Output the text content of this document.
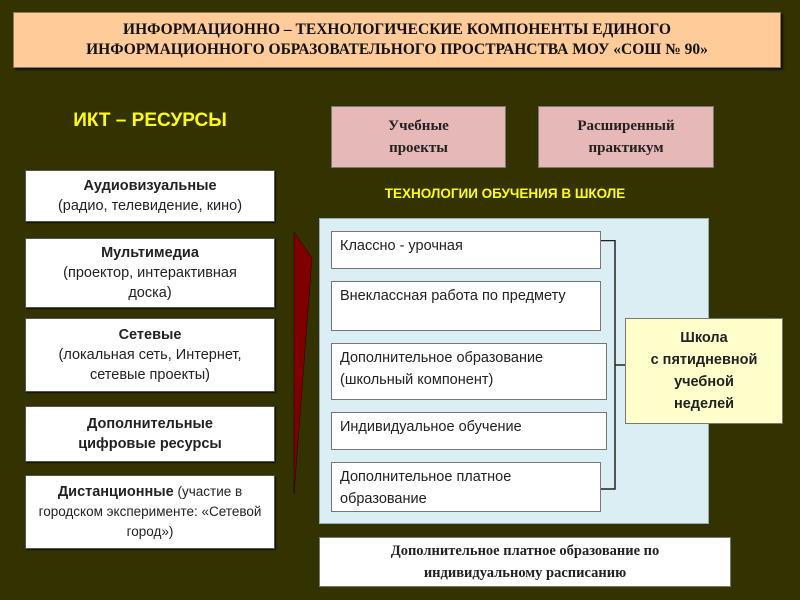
ИНФОРМАЦИОННО – ТЕХНОЛОГИЧЕСКИЕ КОМПОНЕНТЫ ЕДИНОГО
ИНФОРМАЦИОННОГО ОБРАЗОВАТЕЛЬНОГО ПРОСТРАНСТВА МОУ «СОШ № 90»
ИКТ – РЕСУРСЫ
Аудиовизуальные
(радио, телевидение, кино)
Мультимедиа
(проектор, интерактивная доска)
Сетевые
(локальная сеть, Интернет, сетевые проекты)
Дополнительные цифровые ресурсы
Дистанционные (участие в городском эксперименте: «Сетевой город»)
Учебные
проекты
Расширенный
практикум
ТЕХНОЛОГИИ ОБУЧЕНИЯ В ШКОЛЕ
Классно - урочная
Внеклассная работа по предмету
Дополнительное образование (школьный компонент)
Индивидуальное обучение
Дополнительное платное образование
Школа
с пятидневной
учебной
неделей
Дополнительное платное образование по
индивидуальному расписанию
